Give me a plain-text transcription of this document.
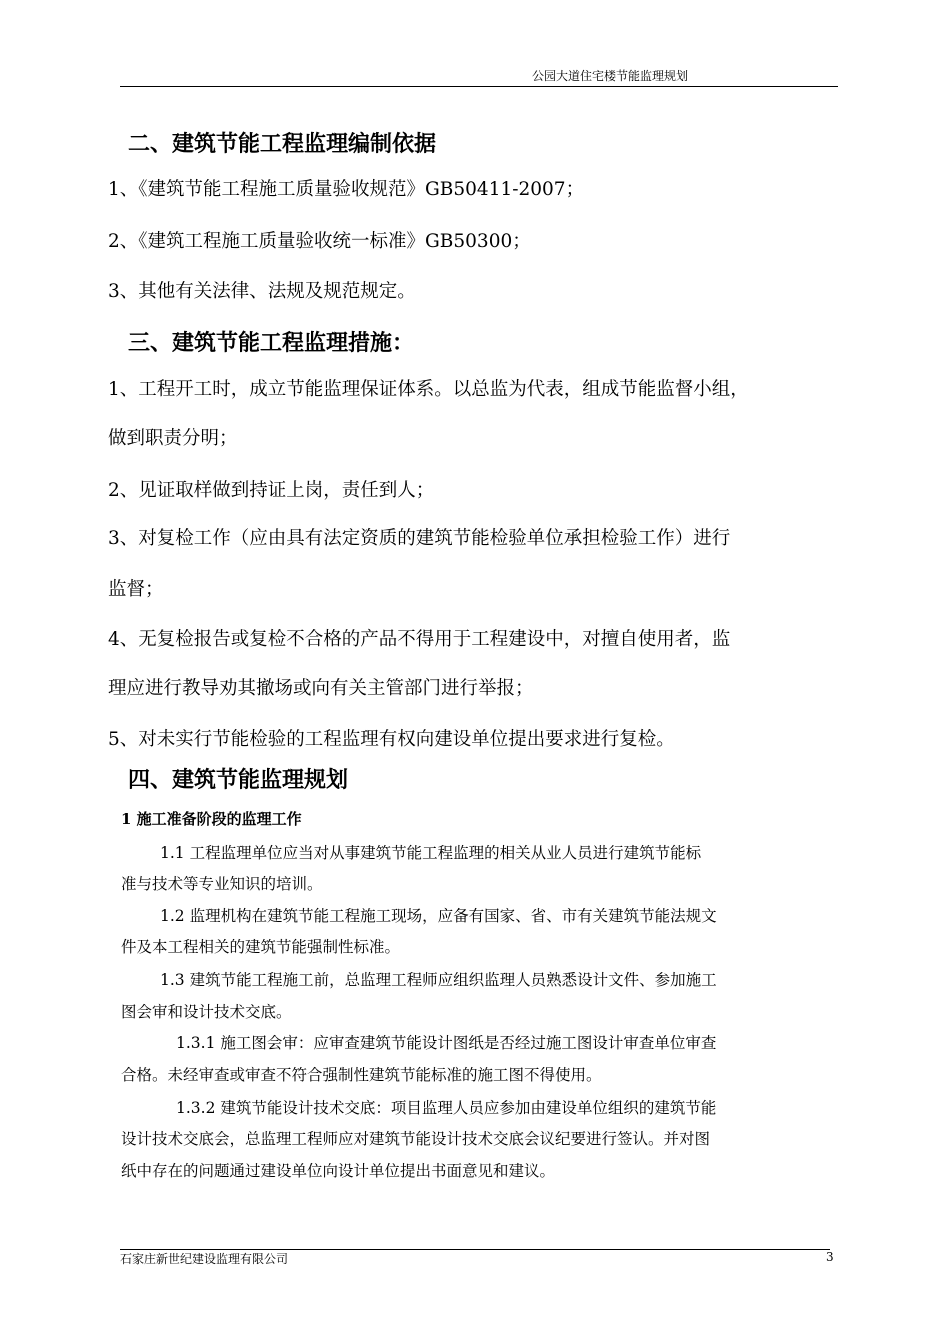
公园大道住宅楼节能监理规划
二、建筑节能工程监理编制依据
1、《建筑节能工程施工质量验收规范》GB50411-2007；
2、《建筑工程施工质量验收统一标准》GB50300；
3、其他有关法律、法规及规范规定。
三、建筑节能工程监理措施：
1、工程开工时，成立节能监理保证体系。以总监为代表，组成节能监督小组，
做到职责分明；
2、见证取样做到持证上岗，责任到人；
3、对复检工作（应由具有法定资质的建筑节能检验单位承担检验工作）进行
监督；
4、无复检报告或复检不合格的产品不得用于工程建设中，对擅自使用者，监
理应进行教导劝其撤场或向有关主管部门进行举报；
5、对未实行节能检验的工程监理有权向建设单位提出要求进行复检。
四、建筑节能监理规划
1 施工准备阶段的监理工作
1.1 工程监理单位应当对从事建筑节能工程监理的相关从业人员进行建筑节能标
准与技术等专业知识的培训。
1.2 监理机构在建筑节能工程施工现场，应备有国家、省、市有关建筑节能法规文
件及本工程相关的建筑节能强制性标准。
1.3 建筑节能工程施工前，总监理工程师应组织监理人员熟悉设计文件、参加施工
图会审和设计技术交底。
1.3.1 施工图会审：应审查建筑节能设计图纸是否经过施工图设计审查单位审查
合格。未经审查或审查不符合强制性建筑节能标准的施工图不得使用。
1.3.2 建筑节能设计技术交底：项目监理人员应参加由建设单位组织的建筑节能
设计技术交底会，总监理工程师应对建筑节能设计技术交底会议纪要进行签认。并对图
纸中存在的问题通过建设单位向设计单位提出书面意见和建议。
石家庄新世纪建设监理有限公司	3
